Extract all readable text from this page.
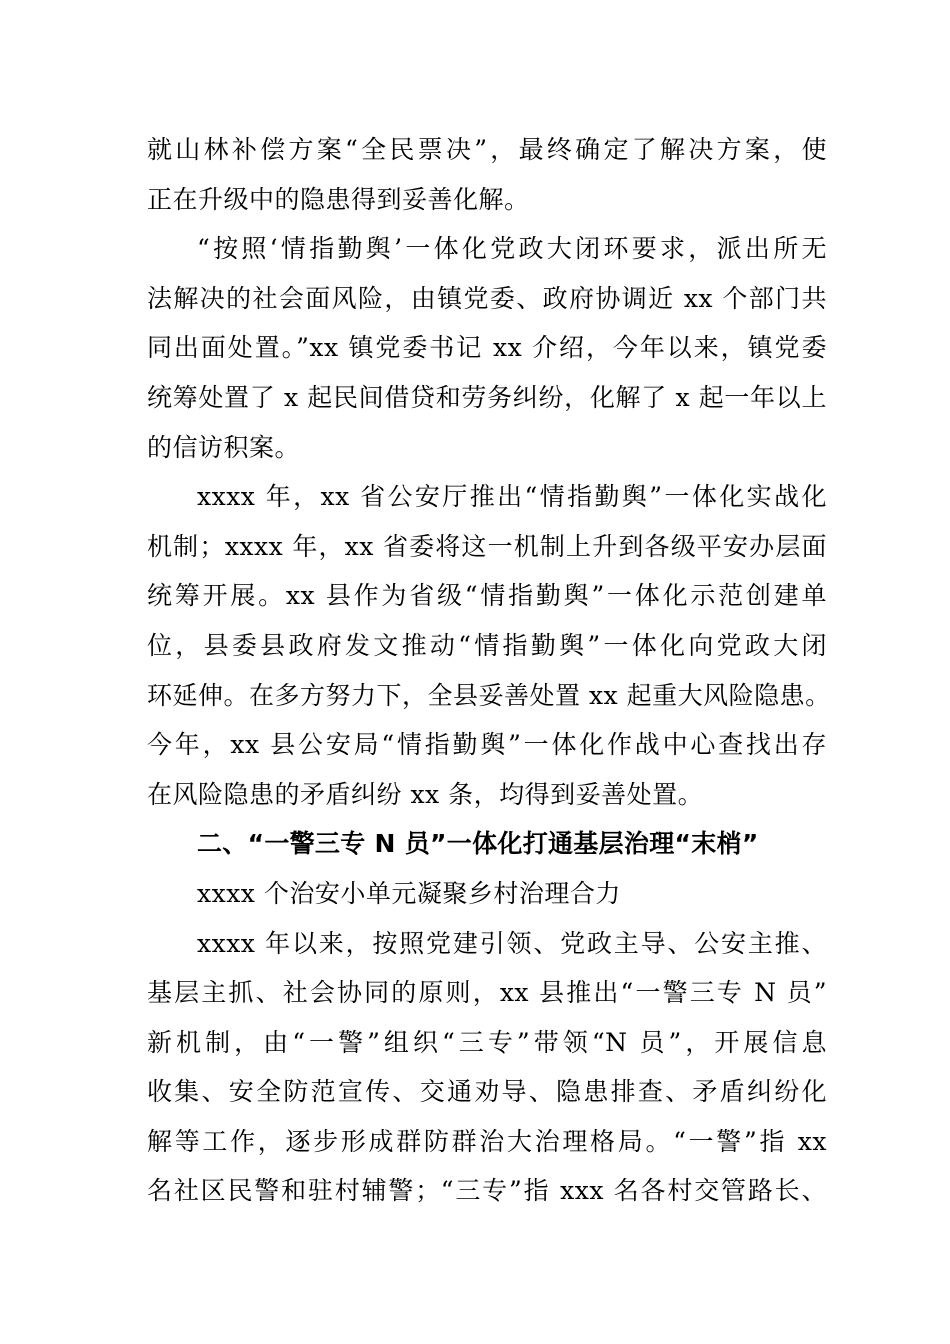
就山林补偿方案“全民票决”，最终确定了解决方案，使
正在升级中的隐患得到妥善化解。
“按照‘情指勤舆’一体化党政大闭环要求，派出所无
法解决的社会面风险，由镇党委、政府协调近 xx 个部门共
同出面处置。”xx 镇党委书记 xx 介绍，今年以来，镇党委
统筹处置了 x 起民间借贷和劳务纠纷，化解了 x 起一年以上
的信访积案。
xxxx 年，xx 省公安厅推出“情指勤舆”一体化实战化
机制；xxxx 年，xx 省委将这一机制上升到各级平安办层面
统筹开展。xx 县作为省级“情指勤舆”一体化示范创建单
位，县委县政府发文推动“情指勤舆”一体化向党政大闭
环延伸。在多方努力下，全县妥善处置 xx 起重大风险隐患。
今年，xx 县公安局“情指勤舆”一体化作战中心查找出存
在风险隐患的矛盾纠纷 xx 条，均得到妥善处置。
二、“一警三专 N 员”一体化打通基层治理“末梢”
xxxx 个治安小单元凝聚乡村治理合力
xxxx 年以来，按照党建引领、党政主导、公安主推、
基层主抓、社会协同的原则，xx 县推出“一警三专 N 员”
新机制，由“一警”组织“三专”带领“N 员”，开展信息
收集、安全防范宣传、交通劝导、隐患排查、矛盾纠纷化
解等工作，逐步形成群防群治大治理格局。“一警”指 xx
名社区民警和驻村辅警；“三专”指 xxx 名各村交管路长、
